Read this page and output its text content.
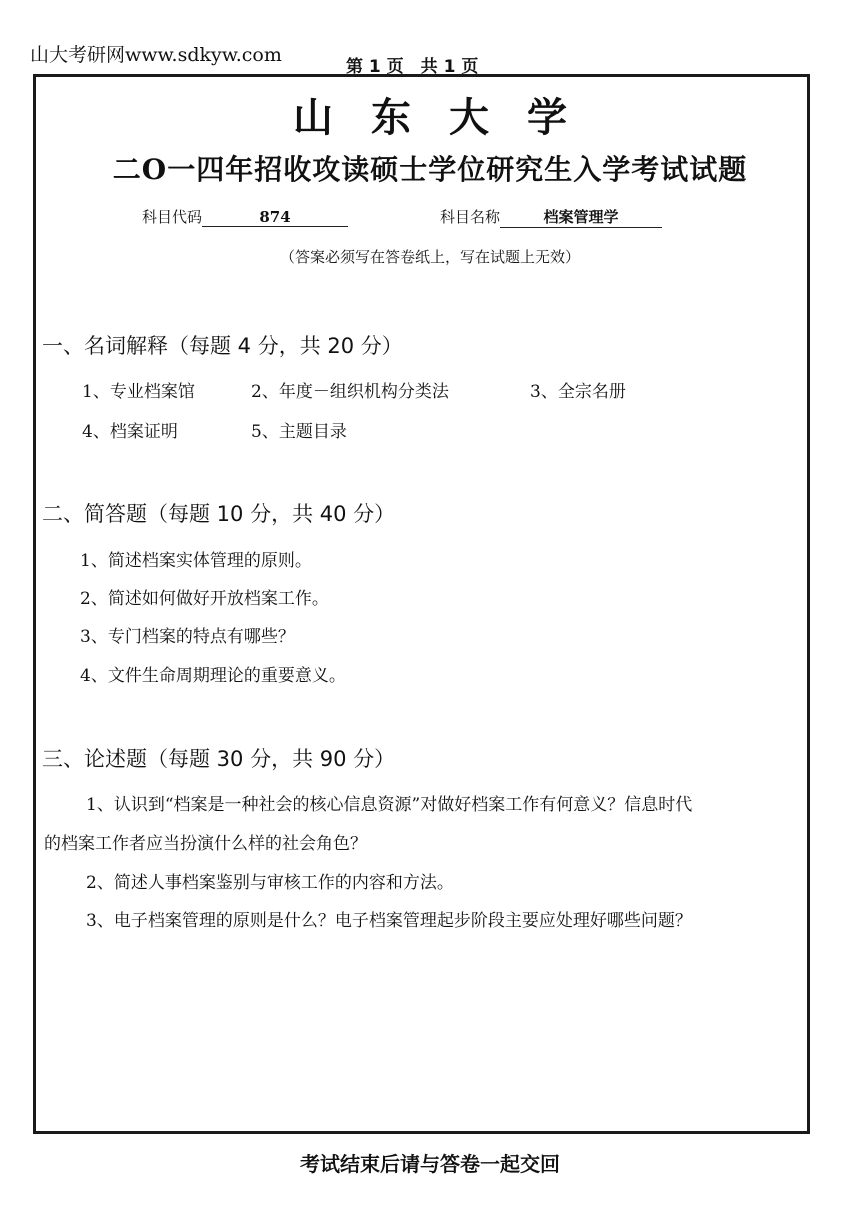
山大考研网www.sdkyw.com
第 1 页　共 1 页
山东大学
二O一四年招收攻读硕士学位研究生入学考试试题
科目代码	874	科目名称	档案管理学
（答案必须写在答卷纸上，写在试题上无效）
一、名词解释（每题 4 分，共 20 分）
1、专业档案馆	2、年度－组织机构分类法	3、全宗名册
4、档案证明	5、主题目录
二、简答题（每题 10 分，共 40 分）
1、简述档案实体管理的原则。
2、简述如何做好开放档案工作。
3、专门档案的特点有哪些？
4、文件生命周期理论的重要意义。
三、论述题（每题 30 分，共 90 分）
1、认识到“档案是一种社会的核心信息资源”对做好档案工作有何意义？信息时代
的档案工作者应当扮演什么样的社会角色？
2、简述人事档案鉴别与审核工作的内容和方法。
3、电子档案管理的原则是什么？电子档案管理起步阶段主要应处理好哪些问题？
考试结束后请与答卷一起交回
